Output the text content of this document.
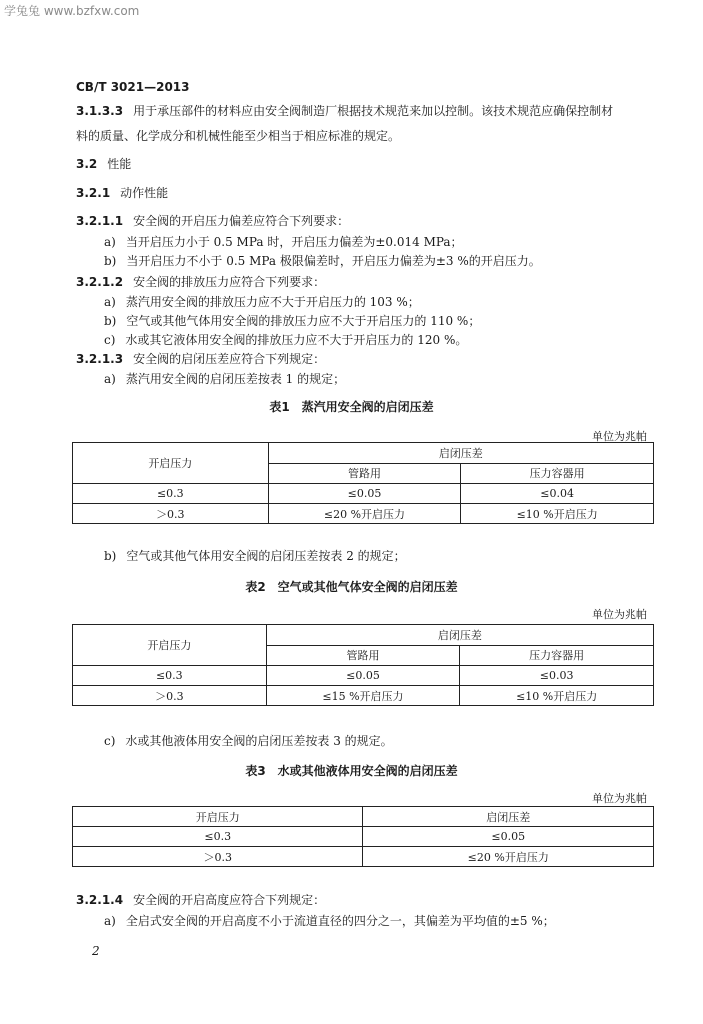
学兔兔 www.bzfxw.com
CB/T 3021—2013
3.1.3.3 用于承压部件的材料应由安全阀制造厂根据技术规范来加以控制。该技术规范应确保控制材
料的质量、化学成分和机械性能至少相当于相应标准的规定。
3.2 性能
3.2.1 动作性能
3.2.1.1 安全阀的开启压力偏差应符合下列要求：
a) 当开启压力小于 0.5 MPa 时，开启压力偏差为±0.014 MPa；
b) 当开启压力不小于 0.5 MPa 极限偏差时，开启压力偏差为±3 %的开启压力。
3.2.1.2 安全阀的排放压力应符合下列要求：
a) 蒸汽用安全阀的排放压力应不大于开启压力的 103 %；
b) 空气或其他气体用安全阀的排放压力应不大于开启压力的 110 %；
c) 水或其它液体用安全阀的排放压力应不大于开启压力的 120 %。
3.2.1.3 安全阀的启闭压差应符合下列规定：
a) 蒸汽用安全阀的启闭压差按表 1 的规定；
表1　蒸汽用安全阀的启闭压差
单位为兆帕
开启压力	启闭压差	
	管路用	压力容器用
≤0.3	≤0.05	≤0.04
＞0.3	≤20 %开启压力	≤10 %开启压力
b) 空气或其他气体用安全阀的启闭压差按表 2 的规定；
表2　空气或其他气体安全阀的启闭压差
单位为兆帕
开启压力	启闭压差	
	管路用	压力容器用
≤0.3	≤0.05	≤0.03
＞0.3	≤15 %开启压力	≤10 %开启压力
c) 水或其他液体用安全阀的启闭压差按表 3 的规定。
表3　水或其他液体用安全阀的启闭压差
单位为兆帕
开启压力	启闭压差
≤0.3	≤0.05
＞0.3	≤20 %开启压力
3.2.1.4 安全阀的开启高度应符合下列规定：
a) 全启式安全阀的开启高度不小于流道直径的四分之一，其偏差为平均值的±5 %；
2
